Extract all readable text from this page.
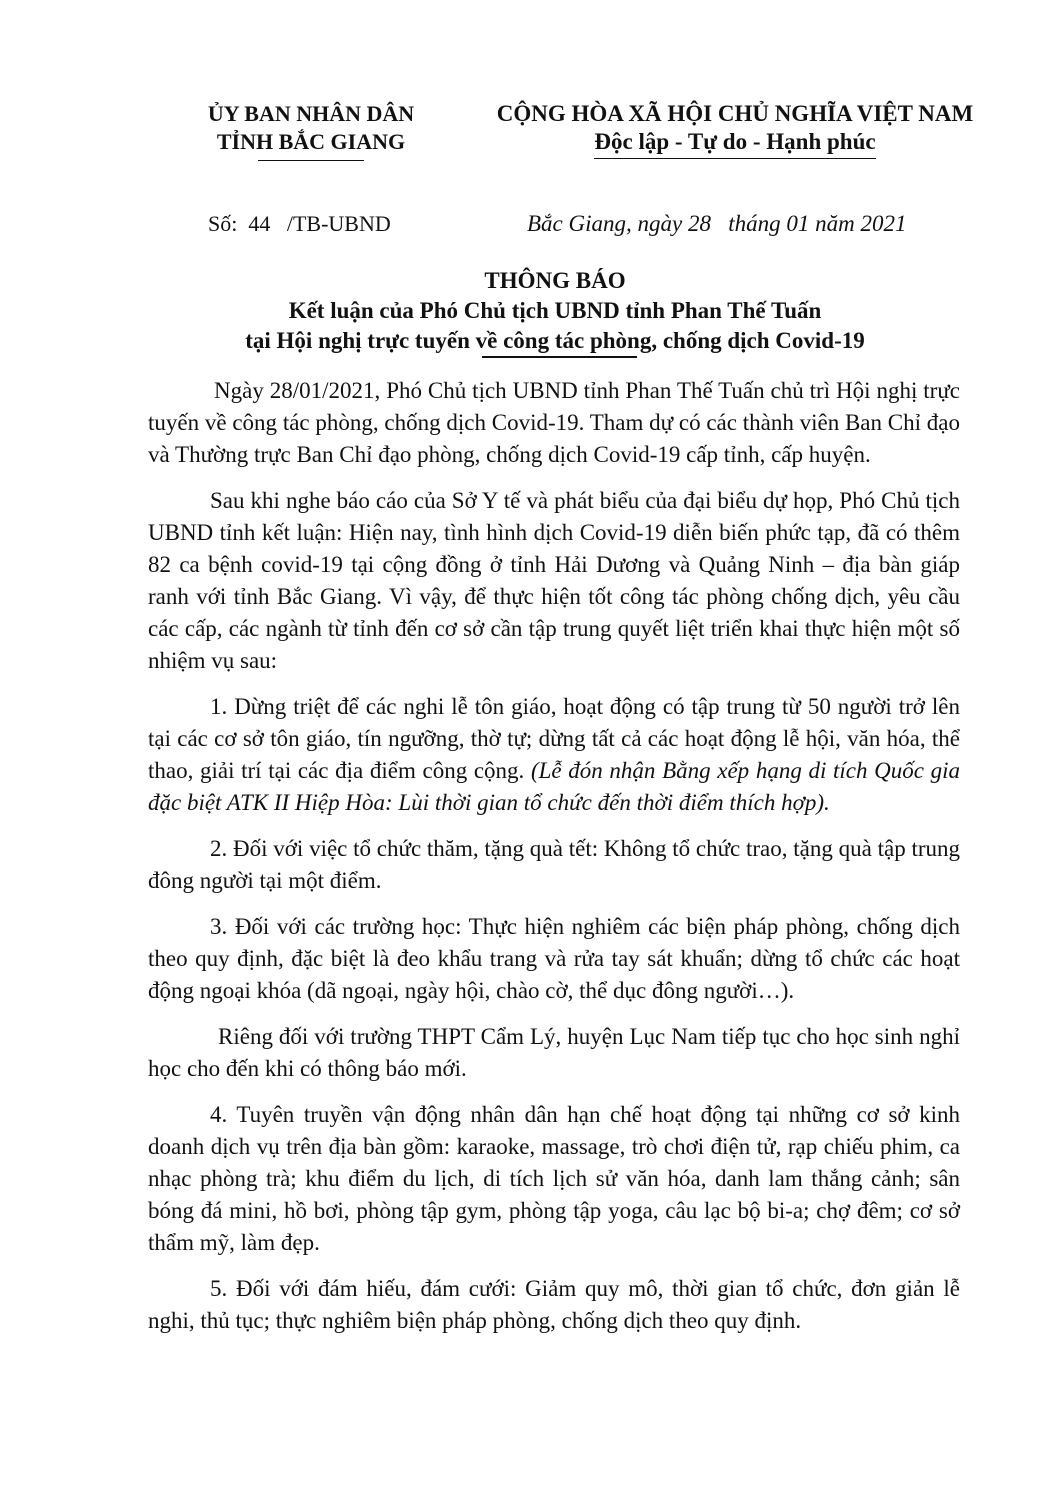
ỦY BAN NHÂN DÂN
TỈNH BẮC GIANG
CỘNG HÒA XÃ HỘI CHỦ NGHĨA VIỆT NAM
Độc lập - Tự do - Hạnh phúc
Số: 44 /TB-UBND	Bắc Giang, ngày 28   tháng 01 năm 2021
THÔNG BÁO
Kết luận của Phó Chủ tịch UBND tỉnh Phan Thế Tuấn
tại Hội nghị trực tuyến về công tác phòng, chống dịch Covid-19

Ngày 28/01/2021, Phó Chủ tịch UBND tỉnh Phan Thế Tuấn chủ trì Hội nghị trực tuyến về công tác phòng, chống dịch Covid-19. Tham dự có các thành viên Ban Chỉ đạo và Thường trực Ban Chỉ đạo phòng, chống dịch Covid-19 cấp tỉnh, cấp huyện.

Sau khi nghe báo cáo của Sở Y tế và phát biểu của đại biểu dự họp, Phó Chủ tịch UBND tỉnh kết luận: Hiện nay, tình hình dịch Covid-19 diễn biến phức tạp, đã có thêm 82 ca bệnh covid-19 tại cộng đồng ở tỉnh Hải Dương và Quảng Ninh – địa bàn giáp ranh với tỉnh Bắc Giang. Vì vậy, để thực hiện tốt công tác phòng chống dịch, yêu cầu các cấp, các ngành từ tỉnh đến cơ sở cần tập trung quyết liệt triển khai thực hiện một số nhiệm vụ sau:

1. Dừng triệt để các nghi lễ tôn giáo, hoạt động có tập trung từ 50 người trở lên tại các cơ sở tôn giáo, tín ngưỡng, thờ tự; dừng tất cả các hoạt động lễ hội, văn hóa, thể thao, giải trí tại các địa điểm công cộng. (Lễ đón nhận Bằng xếp hạng di tích Quốc gia đặc biệt ATK II Hiệp Hòa: Lùi thời gian tổ chức đến thời điểm thích hợp).

2. Đối với việc tổ chức thăm, tặng quà tết: Không tổ chức trao, tặng quà tập trung đông người tại một điểm.

3. Đối với các trường học: Thực hiện nghiêm các biện pháp phòng, chống dịch theo quy định, đặc biệt là đeo khẩu trang và rửa tay sát khuẩn; dừng tổ chức các hoạt động ngoại khóa (dã ngoại, ngày hội, chào cờ, thể dục đông người…).

Riêng đối với trường THPT Cẩm Lý, huyện Lục Nam tiếp tục cho học sinh nghỉ học cho đến khi có thông báo mới.

4. Tuyên truyền vận động nhân dân hạn chế hoạt động tại những cơ sở kinh doanh dịch vụ trên địa bàn gồm: karaoke, massage, trò chơi điện tử, rạp chiếu phim, ca nhạc phòng trà; khu điểm du lịch, di tích lịch sử văn hóa, danh lam thắng cảnh; sân bóng đá mini, hồ bơi, phòng tập gym, phòng tập yoga, câu lạc bộ bi-a; chợ đêm; cơ sở thẩm mỹ, làm đẹp.

5. Đối với đám hiếu, đám cưới: Giảm quy mô, thời gian tổ chức, đơn giản lễ nghi, thủ tục; thực nghiêm biện pháp phòng, chống dịch theo quy định.
